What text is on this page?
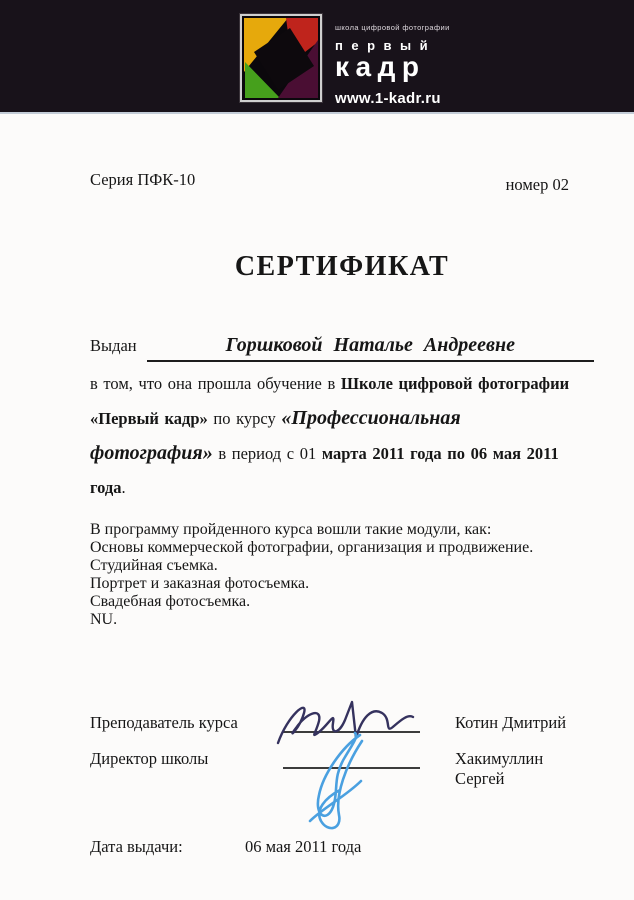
школа цифровой фотографии
первый
кадр
www.1-kadr.ru
Серия ПФК-10	номер 02
СЕРТИФИКАТ
Выдан	Горшковой Наталье Андреевне

в том, что она прошла обучение в Школе цифровой фотографии «Первый кадр» по курсу «Профессиональная фотография» в период с 01 марта 2011 года по 06 мая 2011 года.

В программу пройденного курса вошли такие модули, как:
Основы коммерческой фотографии, организация и продвижение.
Студийная съемка.
Портрет и заказная фотосъемка.
Свадебная фотосъемка.
NU.
Преподаватель курса	Котин Дмитрий
Директор школы	Хакимуллин Сергей
Дата выдачи:	06 мая 2011 года
